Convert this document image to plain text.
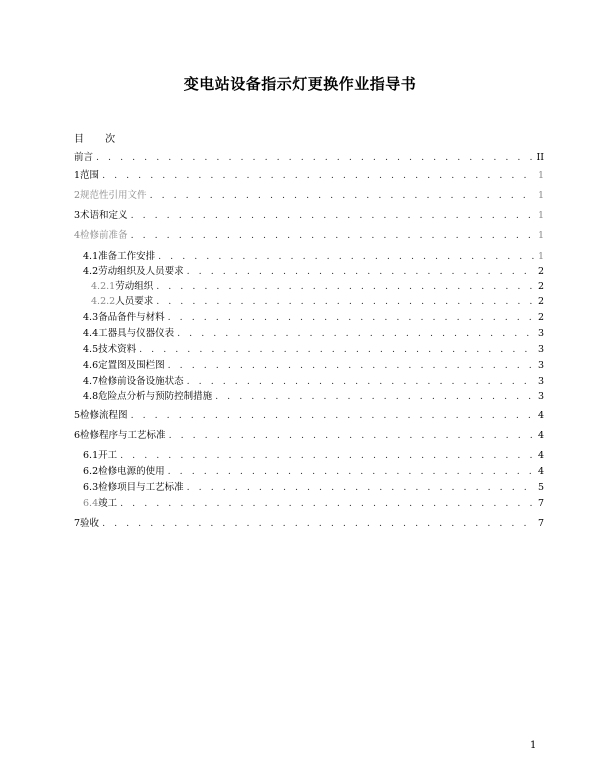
变电站设备指示灯更换作业指导书
目 次
前言 . . .	II
1 范围 . . .	1
2 规范性引用文件 . . .	1
3 术语和定义 . . .	1
4 检修前准备 . . .	1
4.1 准备工作安排 . . .	1
4.2 劳动组织及人员要求 . . .	2
4.2.1 劳动组织 . . .	2
4.2.2 人员要求 . . .	2
4.3 备品备件与材料 . . .	2
4.4 工器具与仪器仪表 . . .	3
4.5 技术资料 . . .	3
4.6 定置图及围栏图 . . .	3
4.7 检修前设备设施状态 . . .	3
4.8 危险点分析与预防控制措施 . . .	3
5 检修流程图 . . .	4
6 检修程序与工艺标准 . . .	4
6.1 开工 . . .	4
6.2 检修电源的使用 . . .	4
6.3 检修项目与工艺标准 . . .	5
6.4 竣工 . . .	7
7 验收 . . .	7
1
